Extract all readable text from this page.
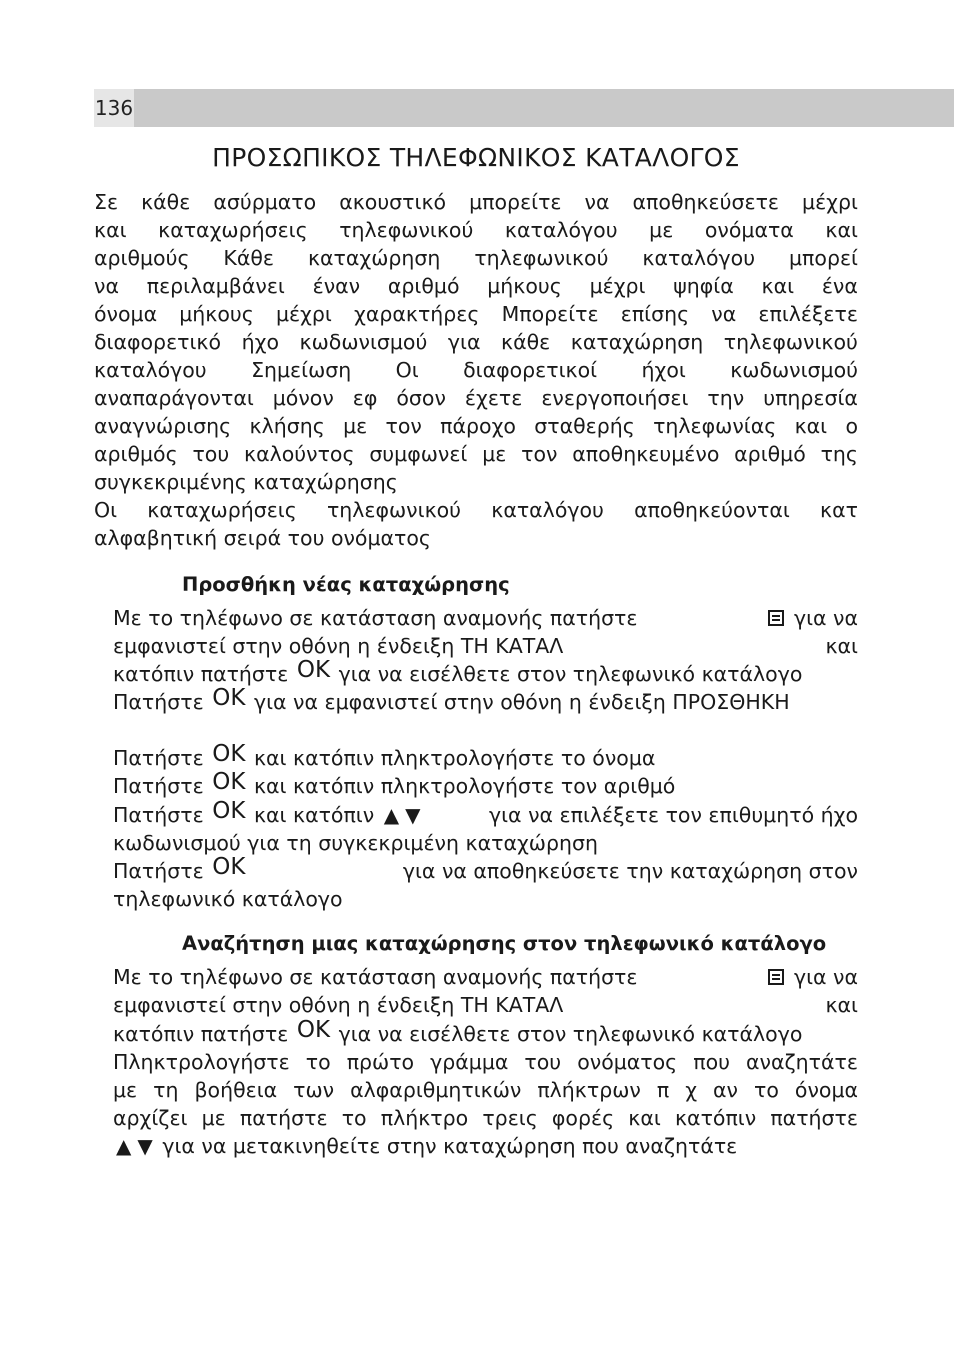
136
ΠΡΟΣΩΠΙΚΟΣ ΤΗΛΕΦΩΝΙΚΟΣ ΚΑΤΑΛΟΓΟΣ
Σε κάθε ασύρματο ακουστικό μπορείτε να αποθηκεύσετε μέχρι
και καταχωρήσεις τηλεφωνικού καταλόγου με ονόματα και
αριθμούς Κάθε καταχώρηση τηλεφωνικού καταλόγου μπορεί
να περιλαμβάνει έναν αριθμό μήκους μέχρι ψηφία και ένα
όνομα μήκους μέχρι χαρακτήρες Μπορείτε επίσης να επιλέξετε
διαφορετικό ήχο κωδωνισμού για κάθε καταχώρηση τηλεφωνικού
καταλόγου Σημείωση Οι διαφορετικοί ήχοι κωδωνισμού
αναπαράγονται μόνον εφ όσον έχετε ενεργοποιήσει την υπηρεσία
αναγνώρισης κλήσης με τον πάροχο σταθερής τηλεφωνίας και ο
αριθμός του καλούντος συμφωνεί με τον αποθηκευμένο αριθμό της
συγκεκριμένης καταχώρησης
Οι καταχωρήσεις τηλεφωνικού καταλόγου αποθηκεύονται κατ
αλφαβητική σειρά του ονόματος
Προσθήκη νέας καταχώρησης
Με το τηλέφωνο σε κατάσταση αναμονής πατήστε	για να
εμφανιστεί στην οθόνη η ένδειξη ΤΗ ΚΑΤΑΛ	και
κατόπιν πατήστε OK για να εισέλθετε στον τηλεφωνικό κατάλογο
Πατήστε OK για να εμφανιστεί στην οθόνη η ένδειξη ΠΡΟΣΘΗΚΗ
Πατήστε OK και κατόπιν πληκτρολογήστε το όνομα
Πατήστε OK και κατόπιν πληκτρολογήστε τον αριθμό
Πατήστε OK και κατόπιν ▲ ▼	για να επιλέξετε τον επιθυμητό ήχο
κωδωνισμού για τη συγκεκριμένη καταχώρηση
Πατήστε OK	για να αποθηκεύσετε την καταχώρηση στον
τηλεφωνικό κατάλογο
Αναζήτηση μιας καταχώρησης στον τηλεφωνικό κατάλογο
Με το τηλέφωνο σε κατάσταση αναμονής πατήστε	για να
εμφανιστεί στην οθόνη η ένδειξη ΤΗ ΚΑΤΑΛ	και
κατόπιν πατήστε OK για να εισέλθετε στον τηλεφωνικό κατάλογο
Πληκτρολογήστε το πρώτο γράμμα του ονόματος που αναζητάτε
με τη βοήθεια των αλφαριθμητικών πλήκτρων π χ αν το όνομα
αρχίζει με πατήστε το πλήκτρο τρεις φορές και κατόπιν πατήστε
▲ ▼ για να μετακινηθείτε στην καταχώρηση που αναζητάτε
